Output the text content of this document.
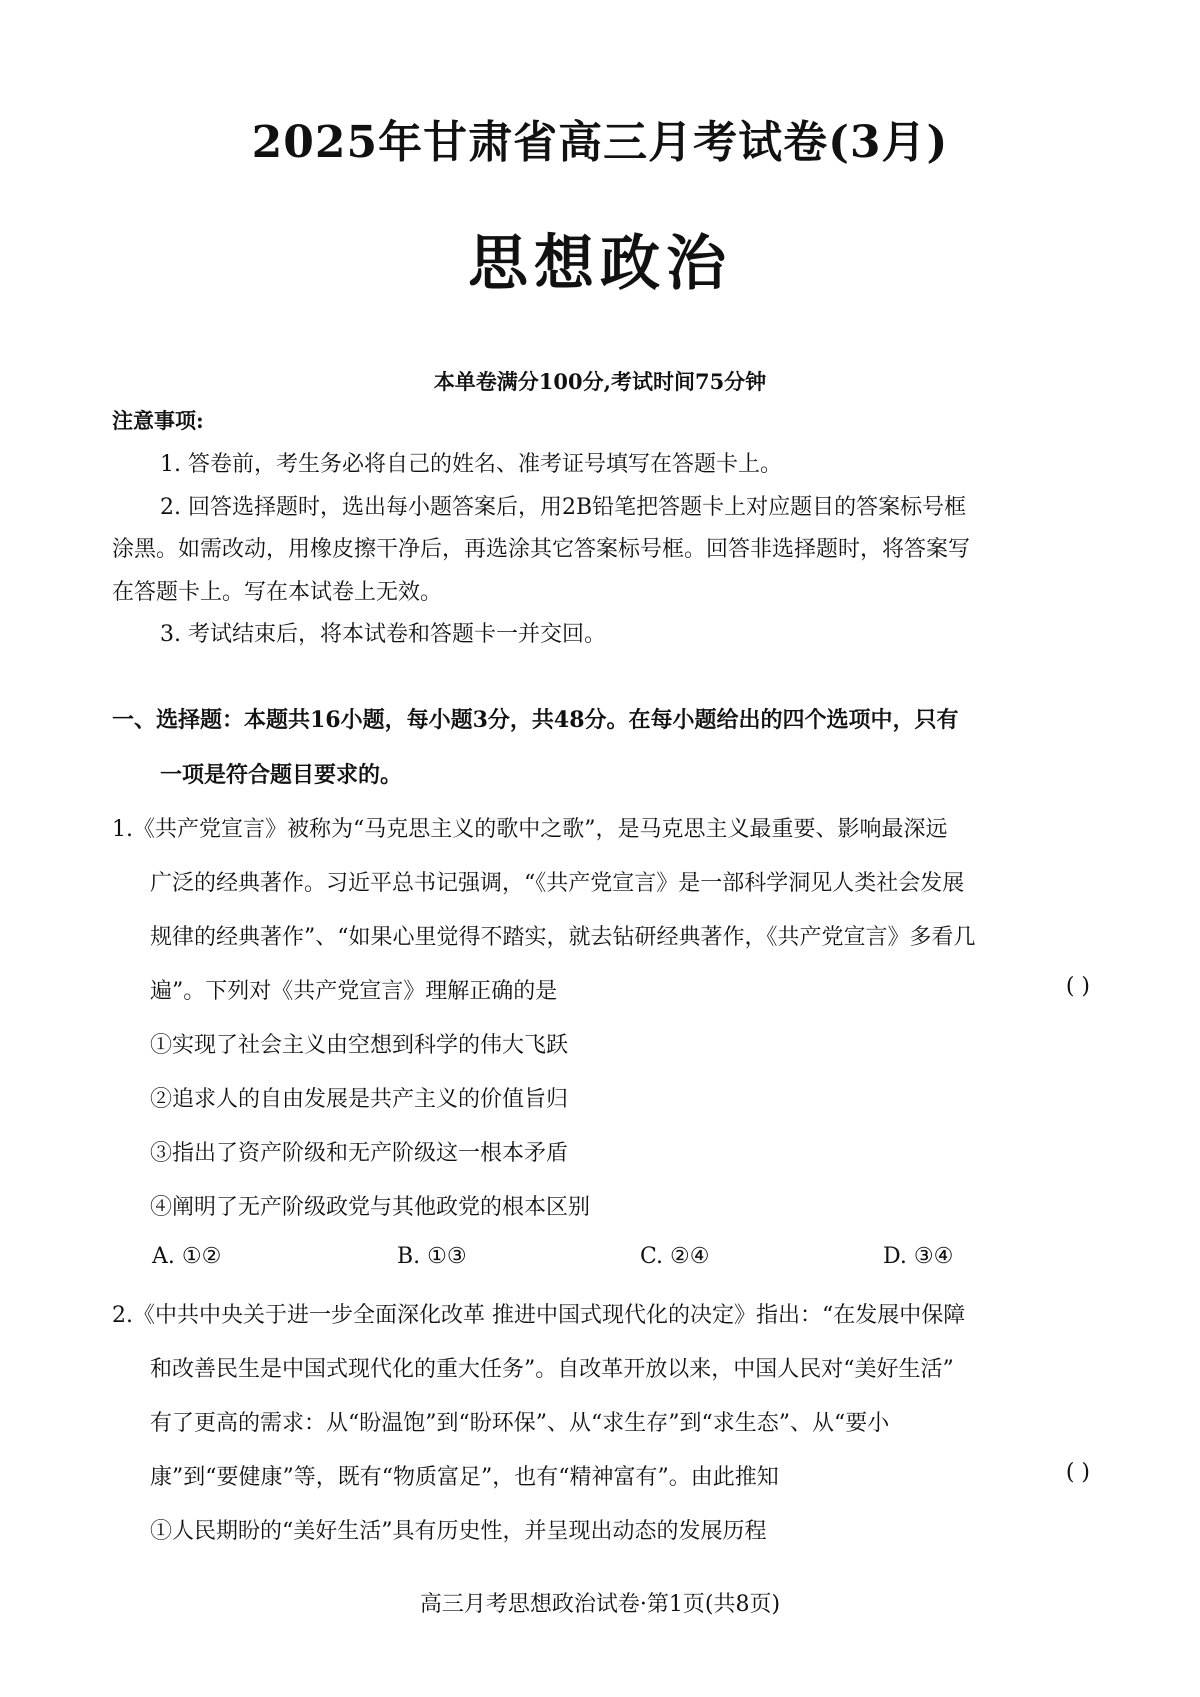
2025年甘肃省高三月考试卷(3月)
思想政治
本单卷满分100分,考试时间75分钟
注意事项:
1. 答卷前，考生务必将自己的姓名、准考证号填写在答题卡上。
2. 回答选择题时，选出每小题答案后，用2B铅笔把答题卡上对应题目的答案标号框
涂黑。如需改动，用橡皮擦干净后，再选涂其它答案标号框。回答非选择题时，将答案写
在答题卡上。写在本试卷上无效。
3. 考试结束后，将本试卷和答题卡一并交回。
一、选择题：本题共16小题，每小题3分，共48分。在每小题给出的四个选项中，只有
一项是符合题目要求的。
1.《共产党宣言》被称为“马克思主义的歌中之歌”，是马克思主义最重要、影响最深远
广泛的经典著作。习近平总书记强调，“《共产党宣言》是一部科学洞见人类社会发展
规律的经典著作”、“如果心里觉得不踏实，就去钻研经典著作，《共产党宣言》多看几
遍”。下列对《共产党宣言》理解正确的是	( )
①实现了社会主义由空想到科学的伟大飞跃
②追求人的自由发展是共产主义的价值旨归
③指出了资产阶级和无产阶级这一根本矛盾
④阐明了无产阶级政党与其他政党的根本区别
A. ①②	B. ①③	C. ②④	D. ③④
2.《中共中央关于进一步全面深化改革 推进中国式现代化的决定》指出：“在发展中保障
和改善民生是中国式现代化的重大任务”。自改革开放以来，中国人民对“美好生活”
有了更高的需求：从“盼温饱”到“盼环保”、从“求生存”到“求生态”、从“要小
康”到“要健康”等，既有“物质富足”，也有“精神富有”。由此推知	( )
①人民期盼的“美好生活”具有历史性，并呈现出动态的发展历程
高三月考思想政治试卷·第1页(共8页)
